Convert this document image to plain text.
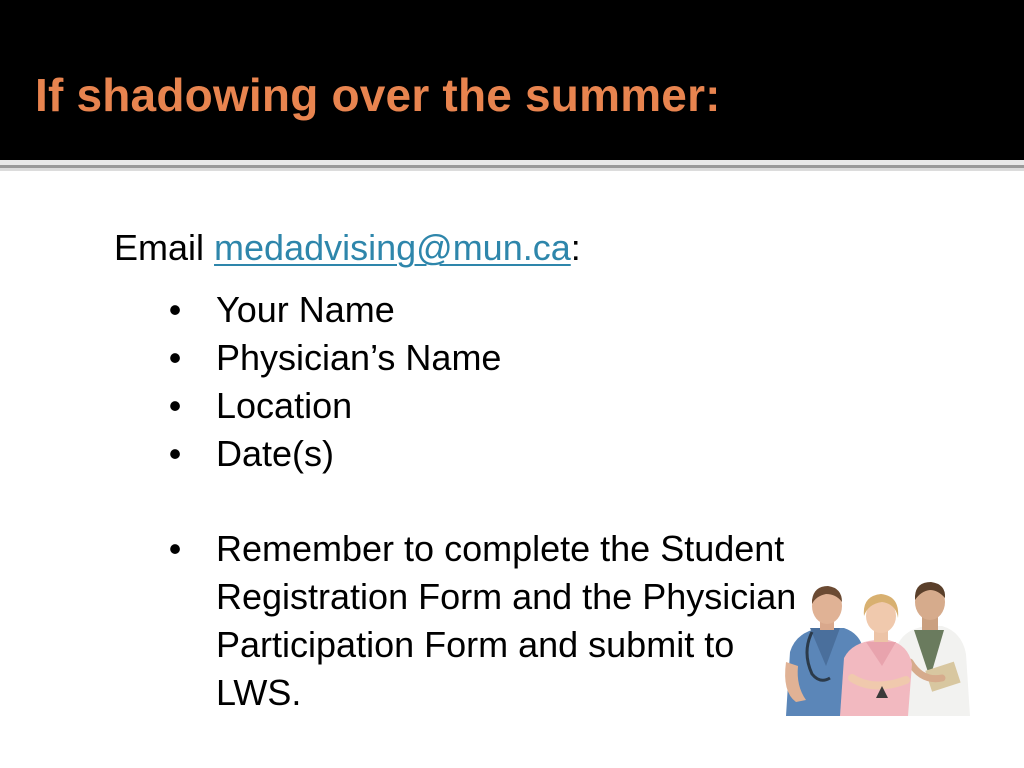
If shadowing over the summer:
Email medadvising@mun.ca:
• Your Name
• Physician’s Name
• Location
• Date(s)
• Remember to complete the Student
Registration Form and the Physician
Participation Form and submit to
LWS.
